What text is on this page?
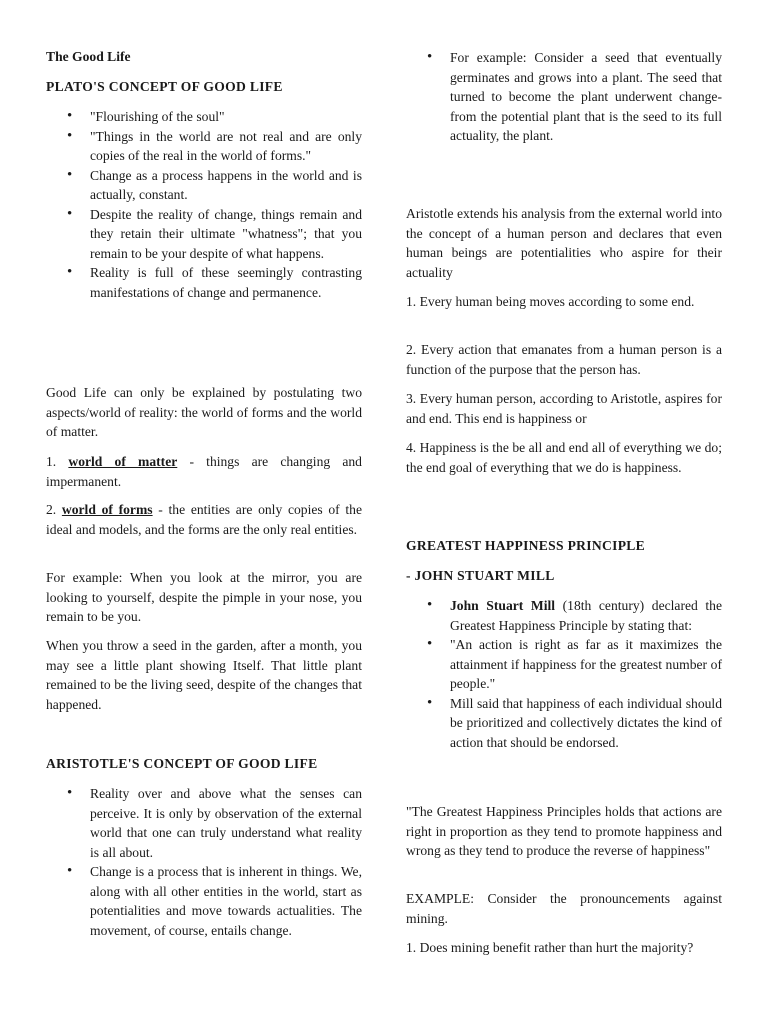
The Good Life
PLATO'S CONCEPT OF GOOD LIFE
• "Flourishing of the soul"
• "Things in the world are not real and are only copies of the real in the world of forms."
• Change as a process happens in the world and is actually, constant.
• Despite the reality of change, things remain and they retain their ultimate "whatness"; that you remain to be your despite of what happens.
• Reality is full of these seemingly contrasting manifestations of change and permanence.

Good Life can only be explained by postulating two aspects/world of reality: the world of forms and the world of matter.

1. world of matter - things are changing and impermanent.

2. world of forms - the entities are only copies of the ideal and models, and the forms are the only real entities.

For example: When you look at the mirror, you are looking to yourself, despite the pimple in your nose, you remain to be you.

When you throw a seed in the garden, after a month, you may see a little plant showing Itself. That little plant remained to be the living seed, despite of the changes that happened.

ARISTOTLE'S CONCEPT OF GOOD LIFE
• Reality over and above what the senses can perceive. It is only by observation of the external world that one can truly understand what reality is all about.
• Change is a process that is inherent in things. We, along with all other entities in the world, start as potentialities and move towards actualities. The movement, of course, entails change.
• For example: Consider a seed that eventually germinates and grows into a plant. The seed that turned to become the plant underwent change- from the potential plant that is the seed to its full actuality, the plant.

Aristotle extends his analysis from the external world into the concept of a human person and declares that even human beings are potentialities who aspire for their actuality

1. Every human being moves according to some end.

2. Every action that emanates from a human person is a function of the purpose that the person has.

3. Every human person, according to Aristotle, aspires for and end. This end is happiness or

4. Happiness is the be all and end all of everything we do; the end goal of everything that we do is happiness.

GREATEST HAPPINESS PRINCIPLE
- JOHN STUART MILL
• John Stuart Mill (18th century) declared the Greatest Happiness Principle by stating that:
• "An action is right as far as it maximizes the attainment if happiness for the greatest number of people."
• Mill said that happiness of each individual should be prioritized and collectively dictates the kind of action that should be endorsed.

"The Greatest Happiness Principles holds that actions are right in proportion as they tend to promote happiness and wrong as they tend to produce the reverse of happiness"

EXAMPLE: Consider the pronouncements against mining.

1. Does mining benefit rather than hurt the majority?
